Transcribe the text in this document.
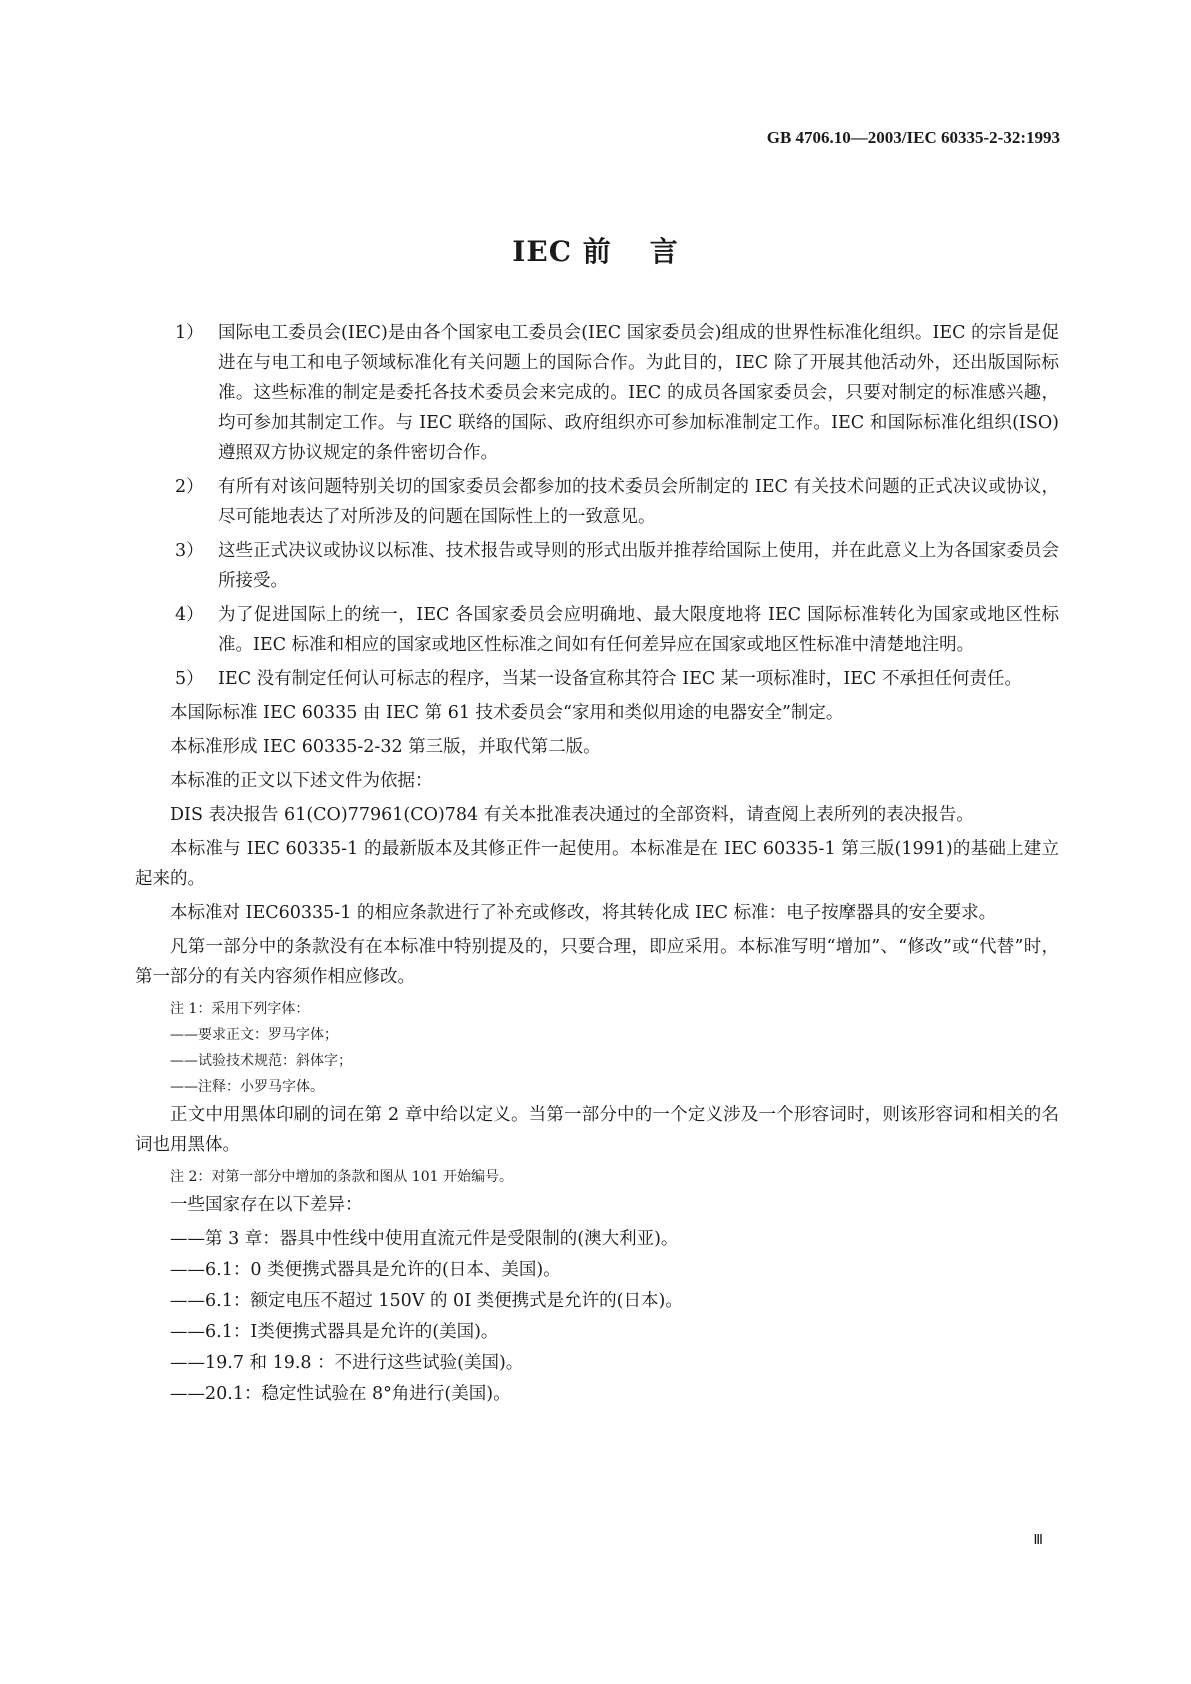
GB 4706.10—2003/IEC 60335-2-32:1993
IEC 前 言
1） 国际电工委员会(IEC)是由各个国家电工委员会(IEC 国家委员会)组成的世界性标准化组织。IEC 的宗旨是促进在与电工和电子领域标准化有关问题上的国际合作。为此目的，IEC 除了开展其他活动外，还出版国际标准。这些标准的制定是委托各技术委员会来完成的。IEC 的成员各国家委员会，只要对制定的标准感兴趣，均可参加其制定工作。与 IEC 联络的国际、政府组织亦可参加标准制定工作。IEC 和国际标准化组织(ISO)遵照双方协议规定的条件密切合作。
2） 有所有对该问题特别关切的国家委员会都参加的技术委员会所制定的 IEC 有关技术问题的正式决议或协议，尽可能地表达了对所涉及的问题在国际性上的一致意见。
3） 这些正式决议或协议以标准、技术报告或导则的形式出版并推荐给国际上使用，并在此意义上为各国家委员会所接受。
4） 为了促进国际上的统一，IEC 各国家委员会应明确地、最大限度地将 IEC 国际标准转化为国家或地区性标准。IEC 标准和相应的国家或地区性标准之间如有任何差异应在国家或地区性标准中清楚地注明。
5） IEC 没有制定任何认可标志的程序，当某一设备宣称其符合 IEC 某一项标准时，IEC 不承担任何责任。

本国际标准 IEC 60335 由 IEC 第 61 技术委员会“家用和类似用途的电器安全”制定。

本标准形成 IEC 60335-2-32 第三版，并取代第二版。

本标准的正文以下述文件为依据：

DIS 表决报告 61(CO)77961(CO)784 有关本批准表决通过的全部资料，请查阅上表所列的表决报告。

本标准与 IEC 60335-1 的最新版本及其修正件一起使用。本标准是在 IEC 60335-1 第三版(1991)的基础上建立起来的。

本标准对 IEC60335-1 的相应条款进行了补充或修改，将其转化成 IEC 标准：电子按摩器具的安全要求。

凡第一部分中的条款没有在本标准中特别提及的，只要合理，即应采用。本标准写明“增加”、“修改”或“代替”时，第一部分的有关内容须作相应修改。

注 1：采用下列字体：

——要求正文：罗马字体；

——试验技术规范：斜体字；

——注释：小罗马字体。

正文中用黑体印刷的词在第 2 章中给以定义。当第一部分中的一个定义涉及一个形容词时，则该形容词和相关的名词也用黑体。

注 2：对第一部分中增加的条款和图从 101 开始编号。

一些国家存在以下差异：

——第 3 章：器具中性线中使用直流元件是受限制的(澳大利亚)。

——6.1：0 类便携式器具是允许的(日本、美国)。

——6.1：额定电压不超过 150V 的 0I 类便携式是允许的(日本)。

——6.1：Ⅰ类便携式器具是允许的(美国)。

——19.7 和 19.8 ：不进行这些试验(美国)。

——20.1：稳定性试验在 8°角进行(美国)。

Ⅲ
